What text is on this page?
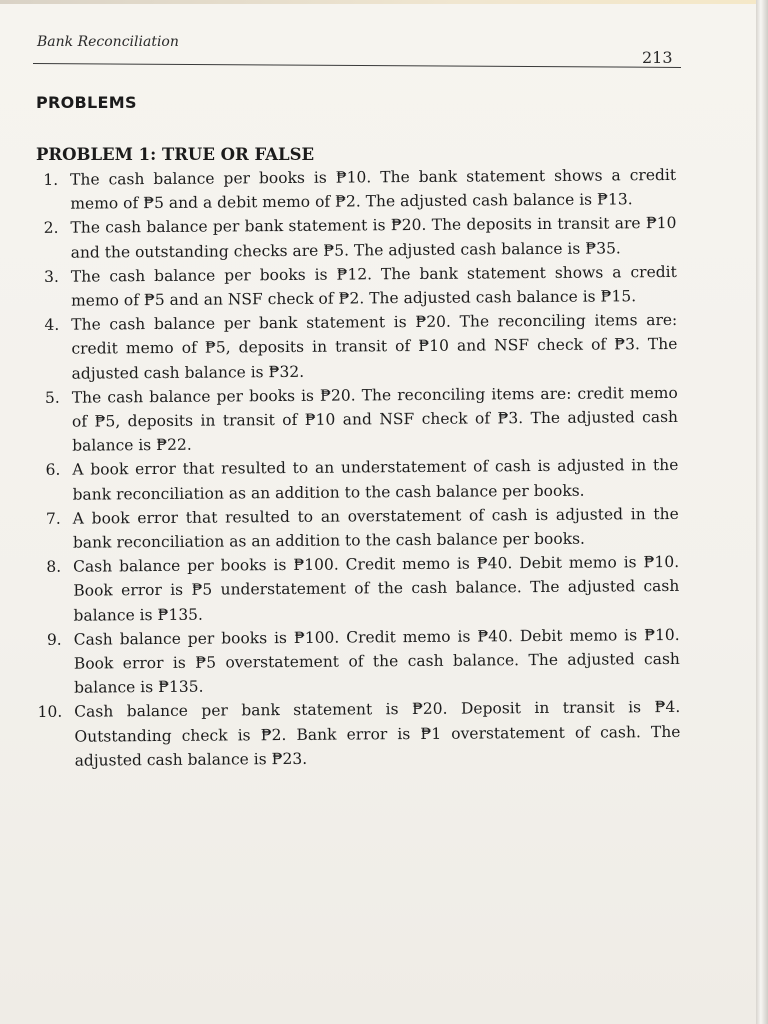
Bank Reconciliation
213
PROBLEMS
PROBLEM 1: TRUE OR FALSE
1. The cash balance per books is ₱10. The bank statement shows a credit memo of ₱5 and a debit memo of ₱2. The adjusted cash balance is ₱13.
2. The cash balance per bank statement is ₱20. The deposits in transit are ₱10 and the outstanding checks are ₱5. The adjusted cash balance is ₱35.
3. The cash balance per books is ₱12. The bank statement shows a credit memo of ₱5 and an NSF check of ₱2. The adjusted cash balance is ₱15.
4. The cash balance per bank statement is ₱20. The reconciling items are: credit memo of ₱5, deposits in transit of ₱10 and NSF check of ₱3. The adjusted cash balance is ₱32.
5. The cash balance per books is ₱20. The reconciling items are: credit memo of ₱5, deposits in transit of ₱10 and NSF check of ₱3. The adjusted cash balance is ₱22.
6. A book error that resulted to an understatement of cash is adjusted in the bank reconciliation as an addition to the cash balance per books.
7. A book error that resulted to an overstatement of cash is adjusted in the bank reconciliation as an addition to the cash balance per books.
8. Cash balance per books is ₱100. Credit memo is ₱40. Debit memo is ₱10. Book error is ₱5 understatement of the cash balance. The adjusted cash balance is ₱135.
9. Cash balance per books is ₱100. Credit memo is ₱40. Debit memo is ₱10. Book error is ₱5 overstatement of the cash balance. The adjusted cash balance is ₱135.
10. Cash balance per bank statement is ₱20. Deposit in transit is ₱4. Outstanding check is ₱2. Bank error is ₱1 overstatement of cash. The adjusted cash balance is ₱23.
